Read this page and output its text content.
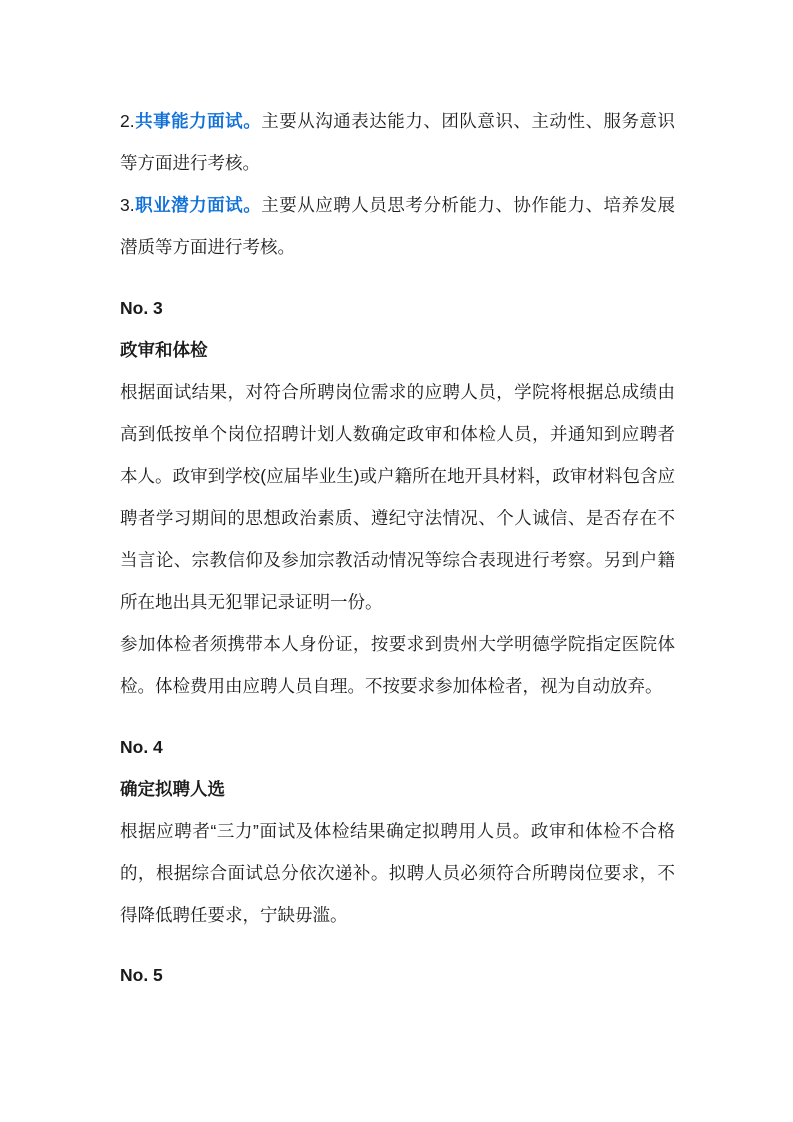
2.共事能力面试。主要从沟通表达能力、团队意识、主动性、服务意识等方面进行考核。

3.职业潜力面试。主要从应聘人员思考分析能力、协作能力、培养发展潜质等方面进行考核。

No. 3

政审和体检

根据面试结果，对符合所聘岗位需求的应聘人员，学院将根据总成绩由高到低按单个岗位招聘计划人数确定政审和体检人员，并通知到应聘者本人。政审到学校(应届毕业生)或户籍所在地开具材料，政审材料包含应聘者学习期间的思想政治素质、遵纪守法情况、个人诚信、是否存在不当言论、宗教信仰及参加宗教活动情况等综合表现进行考察。另到户籍所在地出具无犯罪记录证明一份。

参加体检者须携带本人身份证，按要求到贵州大学明德学院指定医院体检。体检费用由应聘人员自理。不按要求参加体检者，视为自动放弃。

No. 4

确定拟聘人选

根据应聘者“三力”面试及体检结果确定拟聘用人员。政审和体检不合格的，根据综合面试总分依次递补。拟聘人员必须符合所聘岗位要求，不得降低聘任要求，宁缺毋滥。

No. 5
